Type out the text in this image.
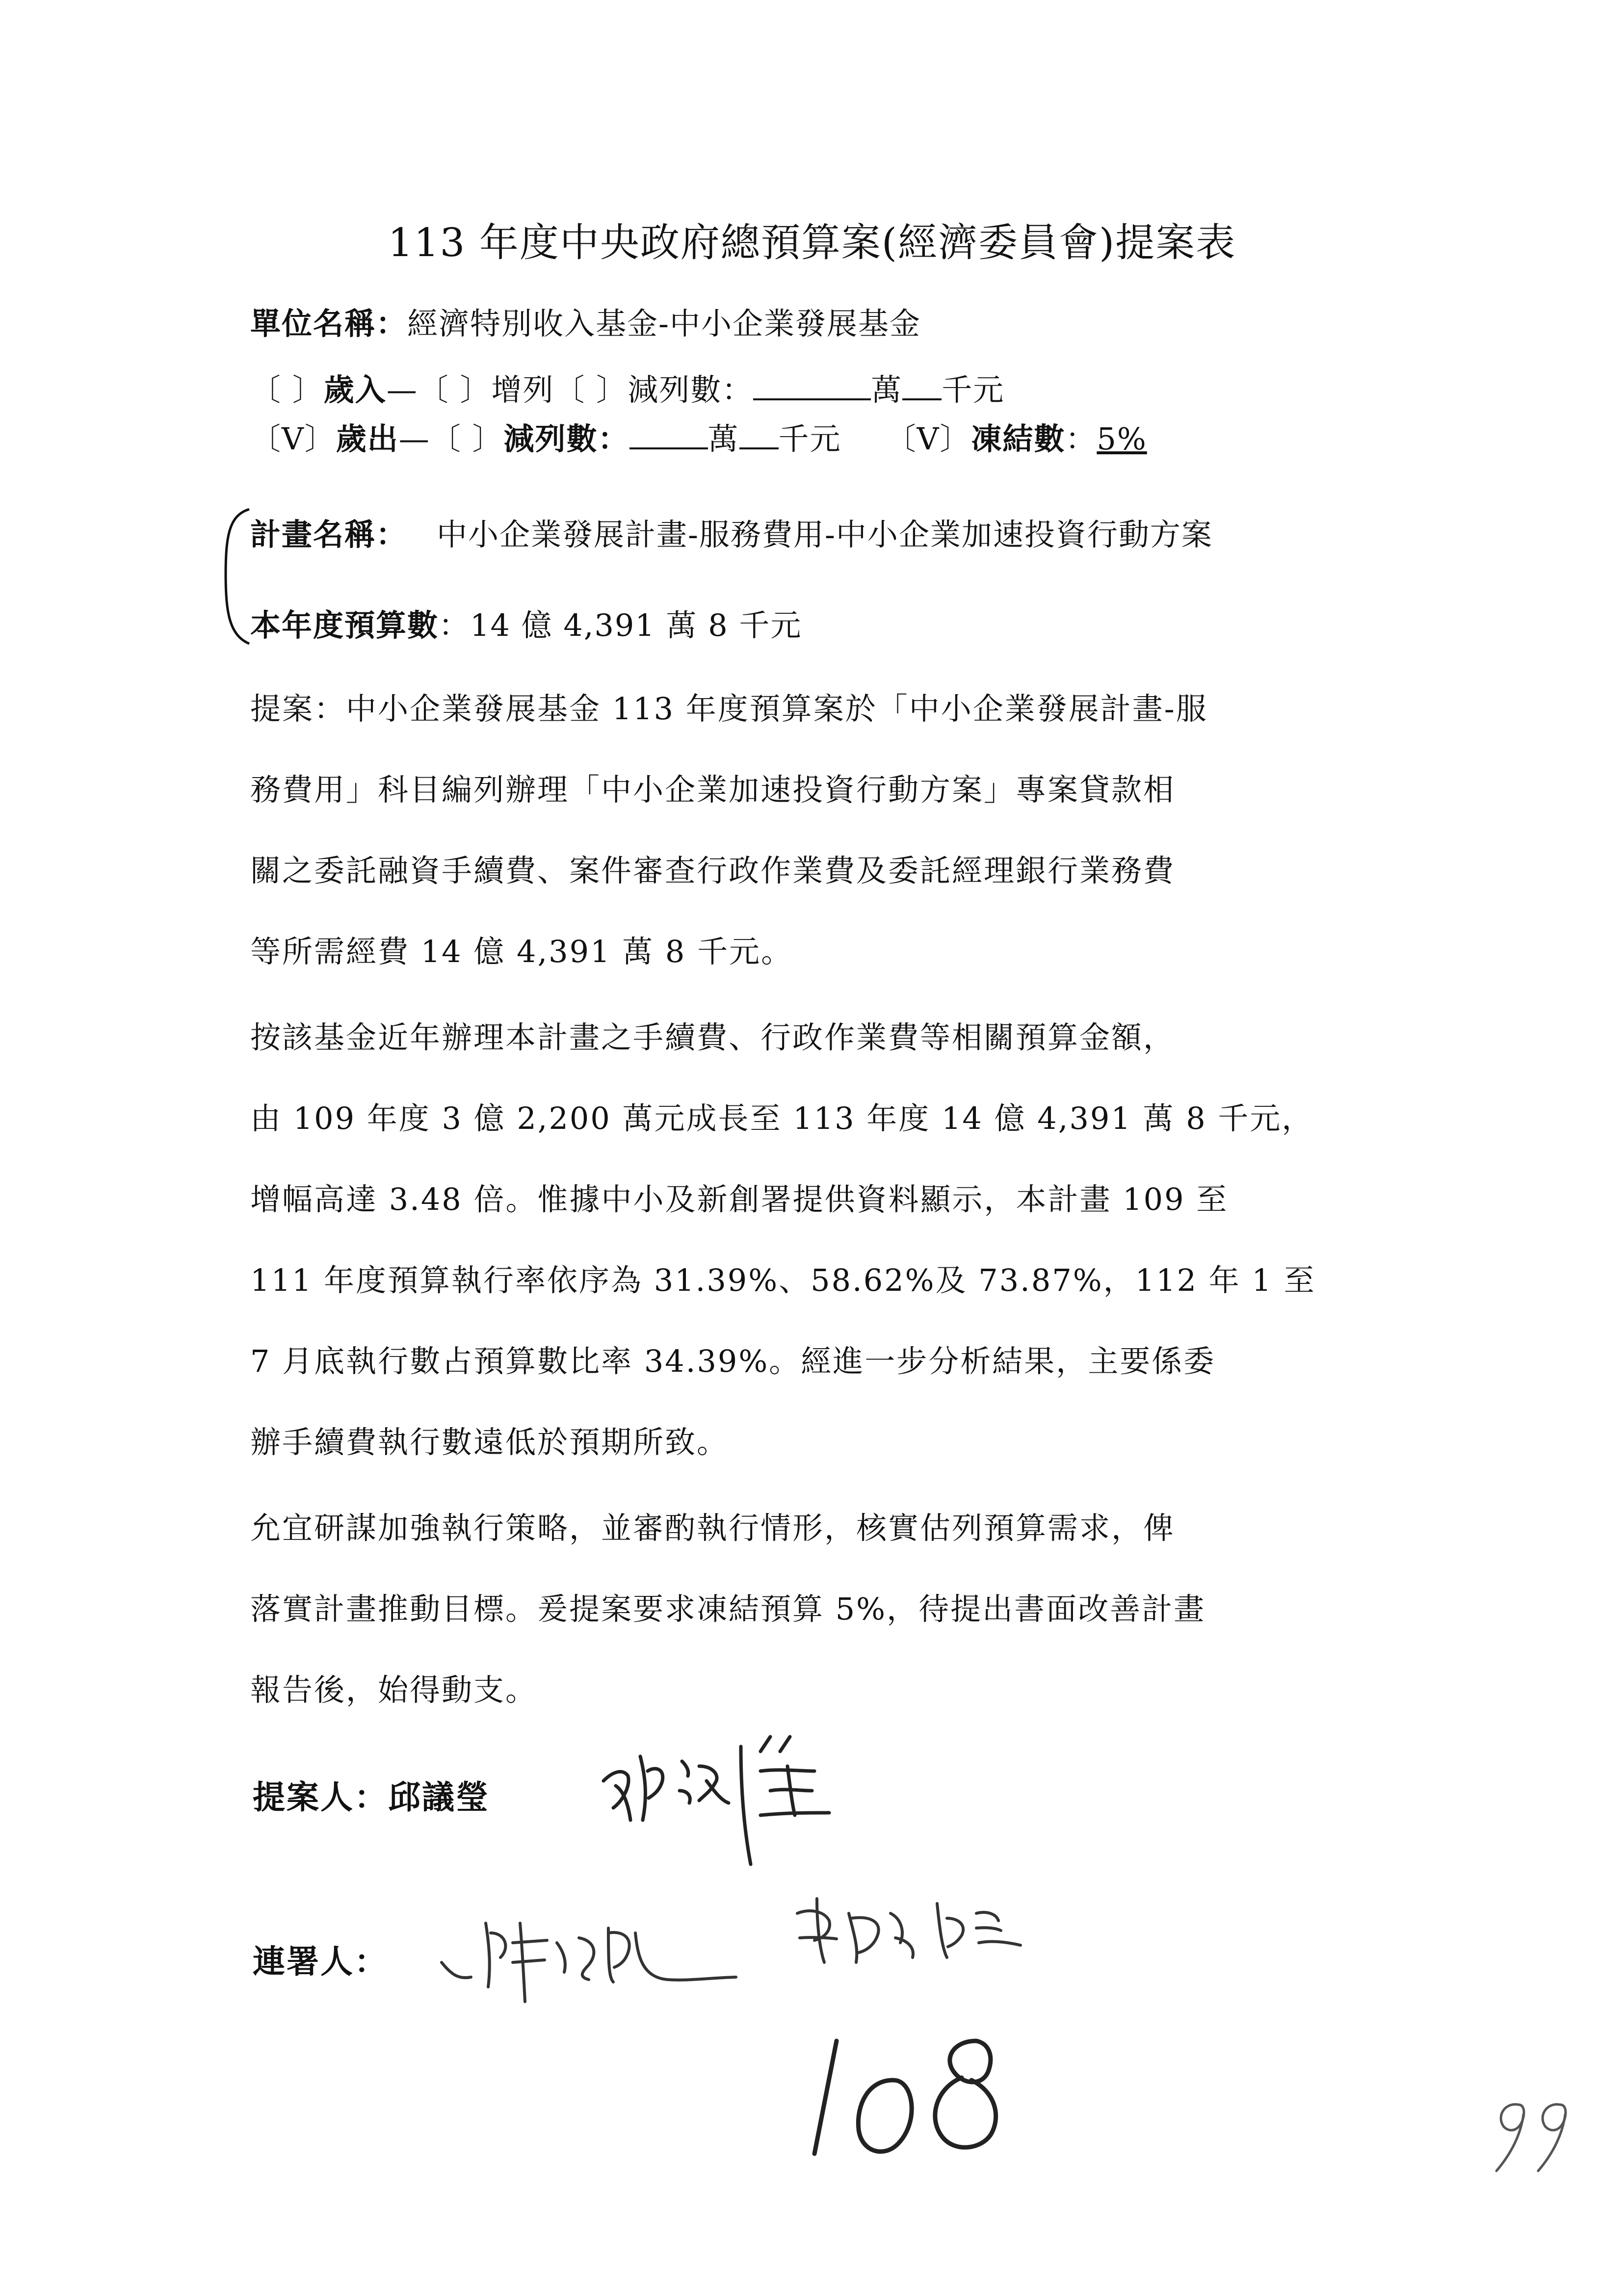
113 年度中央政府總預算案(經濟委員會)提案表
單位名稱：經濟特別收入基金-中小企業發展基金
〔 〕歲入—〔 〕增列〔 〕減列數：	萬 千元
〔V〕歲出—〔 〕減列數：	萬 千元 〔V〕凍結數：5%
計畫名稱： 中小企業發展計畫-服務費用-中小企業加速投資行動方案
本年度預算數：14 億 4,391 萬 8 千元
提案：中小企業發展基金 113 年度預算案於「中小企業發展計畫-服
務費用」科目編列辦理「中小企業加速投資行動方案」專案貸款相
關之委託融資手續費、案件審查行政作業費及委託經理銀行業務費
等所需經費 14 億 4,391 萬 8 千元。
按該基金近年辦理本計畫之手續費、行政作業費等相關預算金額，
由 109 年度 3 億 2,200 萬元成長至 113 年度 14 億 4,391 萬 8 千元，
增幅高達 3.48 倍。惟據中小及新創署提供資料顯示，本計畫 109 至
111 年度預算執行率依序為 31.39%、58.62%及 73.87%，112 年 1 至
7 月底執行數占預算數比率 34.39%。經進一步分析結果，主要係委
辦手續費執行數遠低於預期所致。
允宜研謀加強執行策略，並審酌執行情形，核實估列預算需求，俾
落實計畫推動目標。爰提案要求凍結預算 5%，待提出書面改善計畫
報告後，始得動支。
提案人：邱議瑩
連署人：
